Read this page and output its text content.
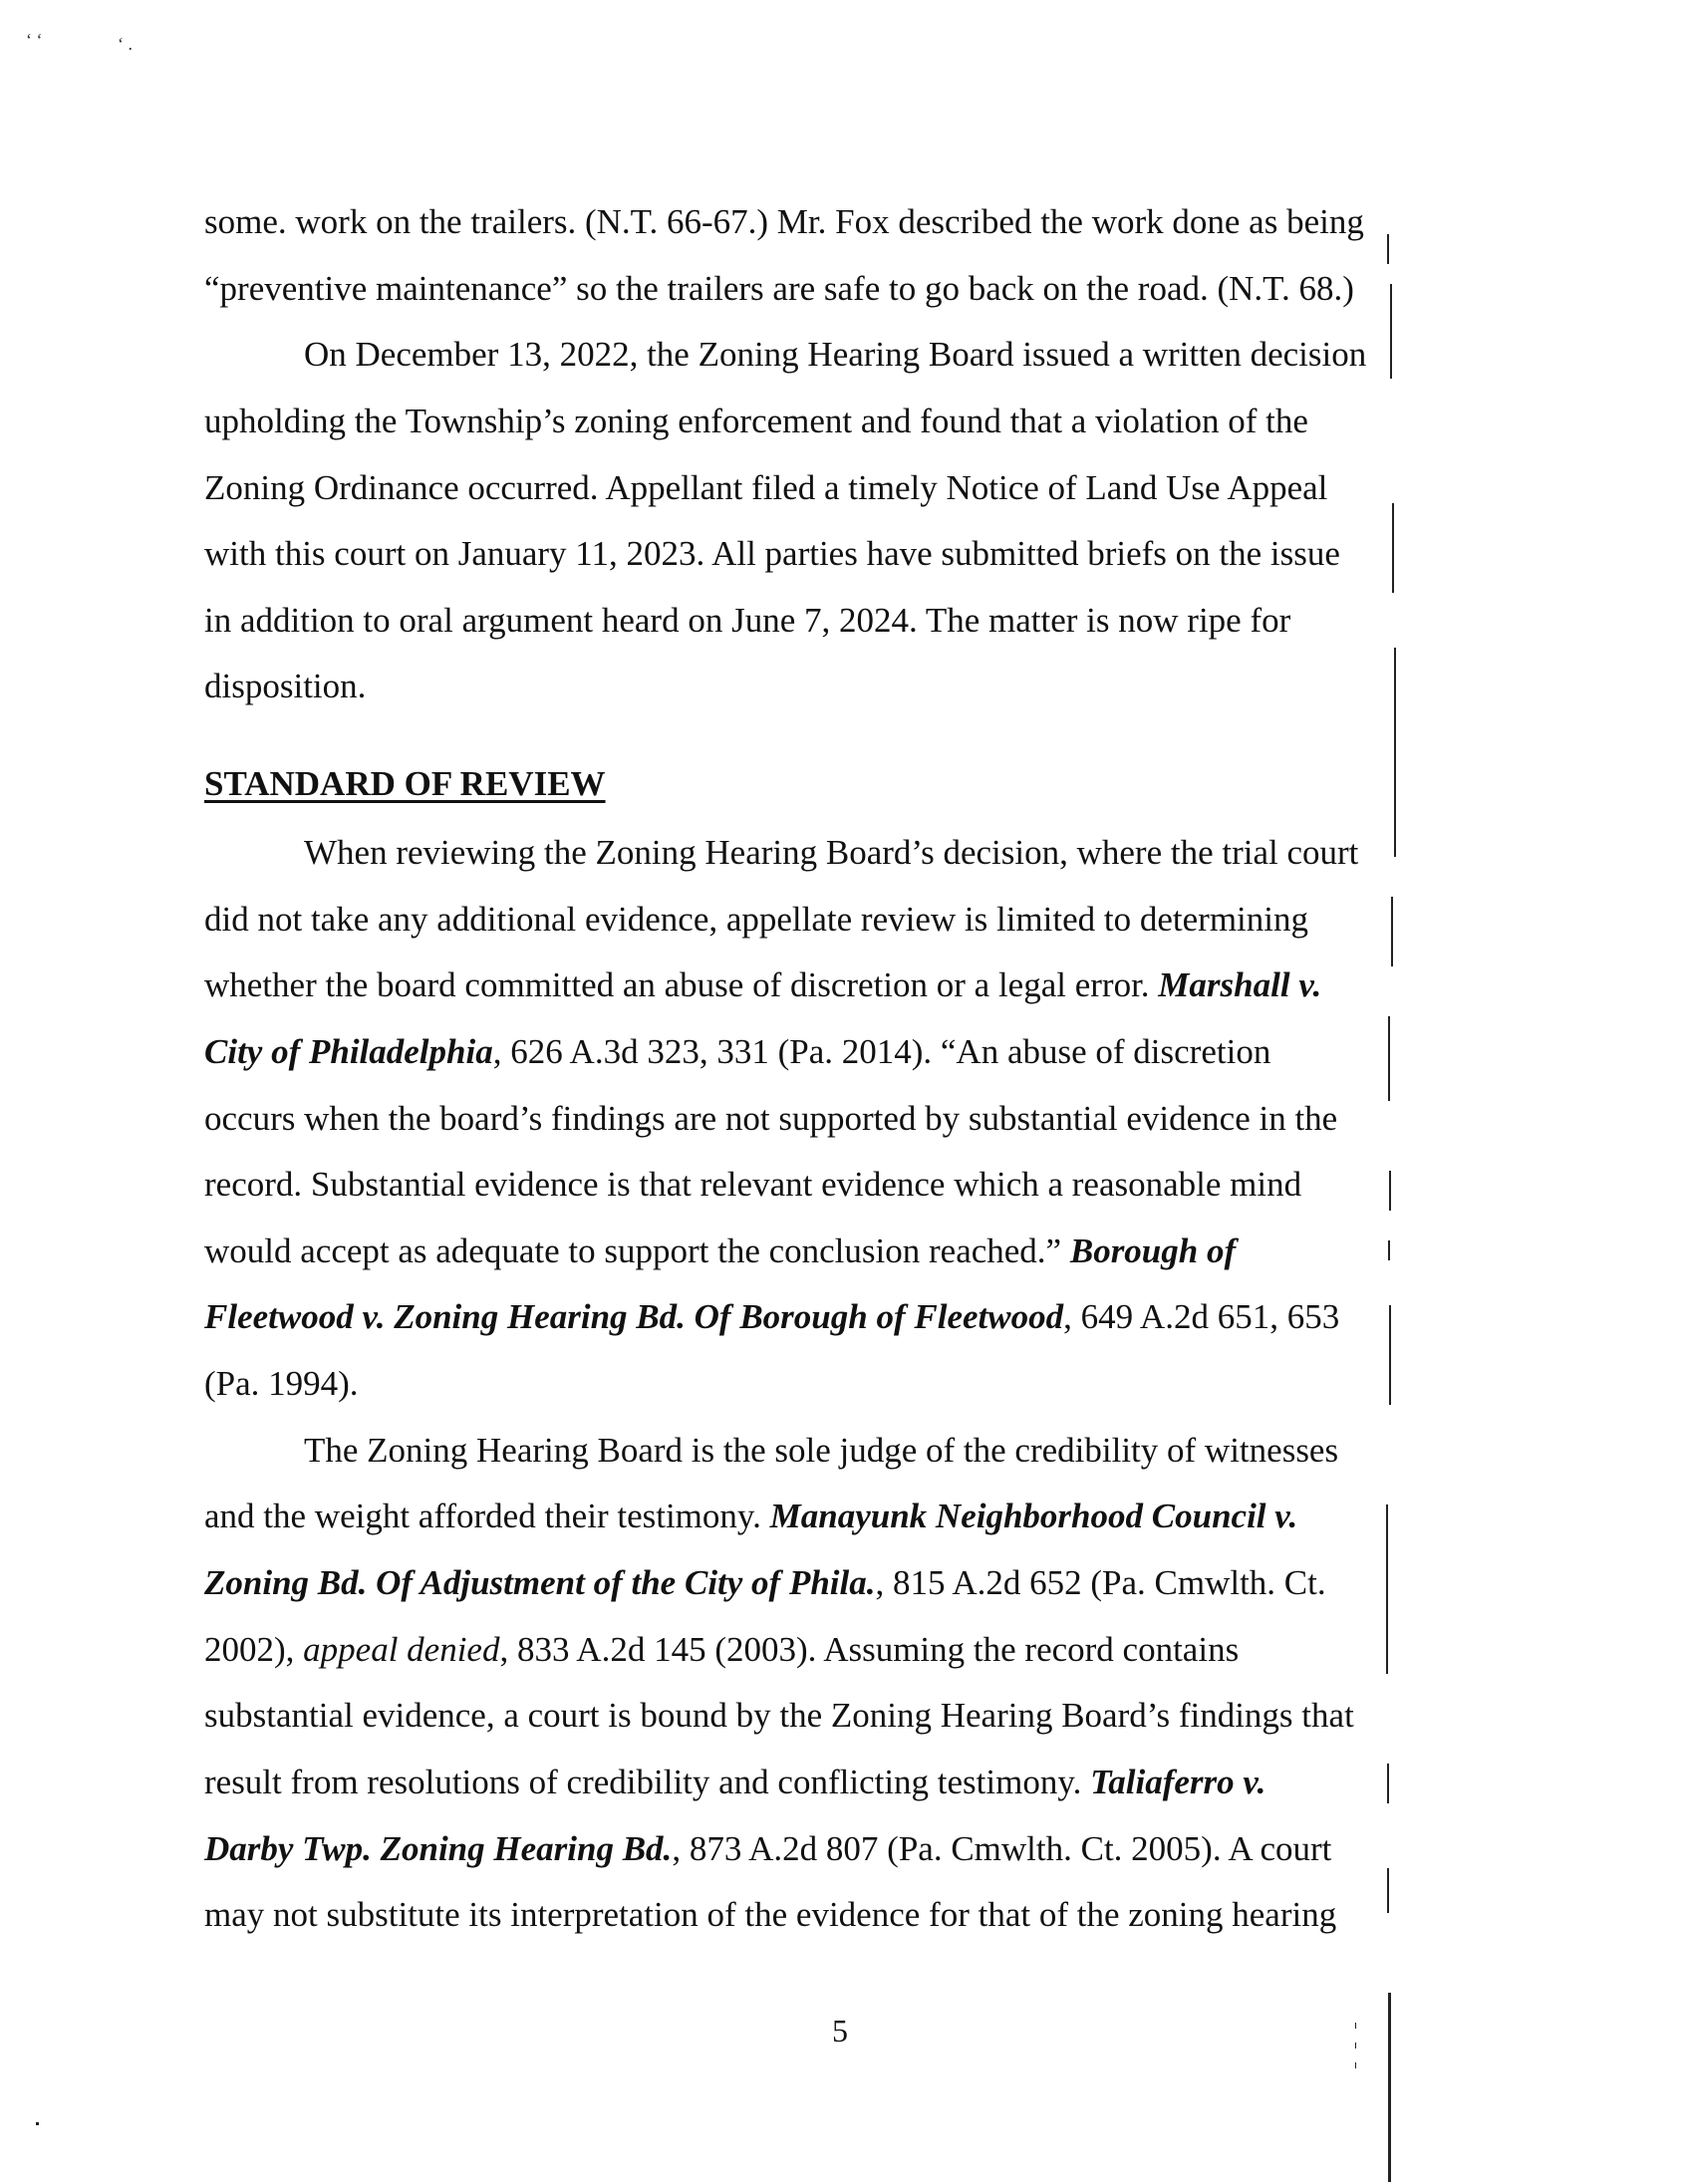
‘ ‘	‘ .
some. work on the trailers. (N.T. 66-67.) Mr. Fox described the work done as being
“preventive maintenance” so the trailers are safe to go back on the road. (N.T. 68.)
On December 13, 2022, the Zoning Hearing Board issued a written decision
upholding the Township’s zoning enforcement and found that a violation of the
Zoning Ordinance occurred. Appellant filed a timely Notice of Land Use Appeal
with this court on January 11, 2023. All parties have submitted briefs on the issue
in addition to oral argument heard on June 7, 2024. The matter is now ripe for
disposition.
STANDARD OF REVIEW
When reviewing the Zoning Hearing Board’s decision, where the trial court
did not take any additional evidence, appellate review is limited to determining
whether the board committed an abuse of discretion or a legal error. Marshall v.
City of Philadelphia, 626 A.3d 323, 331 (Pa. 2014). “An abuse of discretion
occurs when the board’s findings are not supported by substantial evidence in the
record. Substantial evidence is that relevant evidence which a reasonable mind
would accept as adequate to support the conclusion reached.” Borough of
Fleetwood v. Zoning Hearing Bd. Of Borough of Fleetwood, 649 A.2d 651, 653
(Pa. 1994).
The Zoning Hearing Board is the sole judge of the credibility of witnesses
and the weight afforded their testimony. Manayunk Neighborhood Council v.
Zoning Bd. Of Adjustment of the City of Phila., 815 A.2d 652 (Pa. Cmwlth. Ct.
2002), appeal denied, 833 A.2d 145 (2003). Assuming the record contains
substantial evidence, a court is bound by the Zoning Hearing Board’s findings that
result from resolutions of credibility and conflicting testimony. Taliaferro v.
Darby Twp. Zoning Hearing Bd., 873 A.2d 807 (Pa. Cmwlth. Ct. 2005). A court
may not substitute its interpretation of the evidence for that of the zoning hearing
5
